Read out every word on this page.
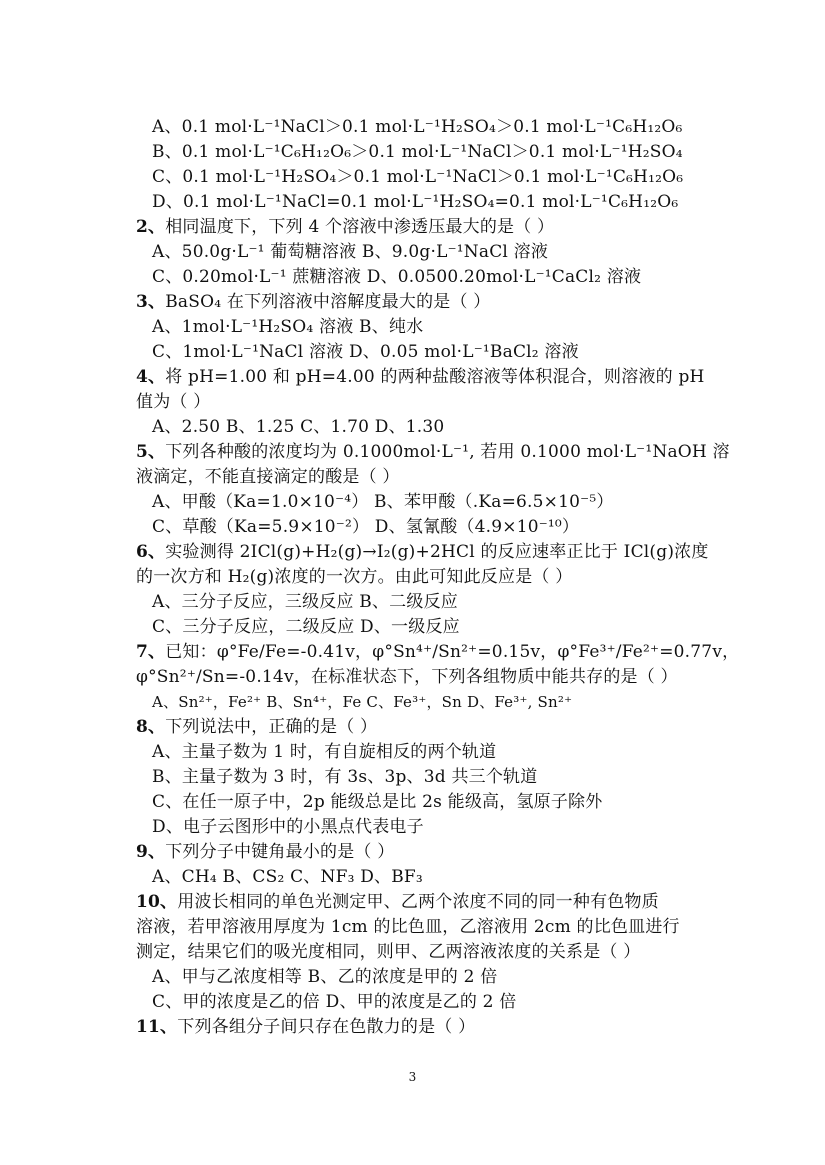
A、0.1 mol·L⁻¹NaCl＞0.1 mol·L⁻¹H₂SO₄＞0.1 mol·L⁻¹C₆H₁₂O₆
B、0.1 mol·L⁻¹C₆H₁₂O₆＞0.1 mol·L⁻¹NaCl＞0.1 mol·L⁻¹H₂SO₄
C、0.1 mol·L⁻¹H₂SO₄＞0.1 mol·L⁻¹NaCl＞0.1 mol·L⁻¹C₆H₁₂O₆
D、0.1 mol·L⁻¹NaCl=0.1 mol·L⁻¹H₂SO₄=0.1 mol·L⁻¹C₆H₁₂O₆
2、相同温度下，下列 4 个溶液中渗透压最大的是（ ）
A、50.0g·L⁻¹ 葡萄糖溶液 B、9.0g·L⁻¹NaCl 溶液
C、0.20mol·L⁻¹ 蔗糖溶液 D、0.0500.20mol·L⁻¹CaCl₂ 溶液
3、BaSO₄ 在下列溶液中溶解度最大的是（ ）
A、1mol·L⁻¹H₂SO₄ 溶液 B、纯水
C、1mol·L⁻¹NaCl 溶液 D、0.05 mol·L⁻¹BaCl₂ 溶液
4、将 pH=1.00 和 pH=4.00 的两种盐酸溶液等体积混合，则溶液的 pH
值为（ ）
A、2.50 B、1.25 C、1.70 D、1.30
5、下列各种酸的浓度均为 0.1000mol·L⁻¹, 若用 0.1000 mol·L⁻¹NaOH 溶
液滴定，不能直接滴定的酸是（ ）
A、甲酸（Ka=1.0×10⁻⁴） B、苯甲酸（.Ka=6.5×10⁻⁵）
C、草酸（Ka=5.9×10⁻²） D、氢氰酸（4.9×10⁻¹⁰）
6、实验测得 2ICl(g)+H₂(g)→I₂(g)+2HCl 的反应速率正比于 ICl(g)浓度
的一次方和 H₂(g)浓度的一次方。由此可知此反应是（ ）
A、三分子反应，三级反应 B、二级反应
C、三分子反应，二级反应 D、一级反应
7、已知：φ°Fe/Fe=-0.41v，φ°Sn⁴⁺/Sn²⁺=0.15v，φ°Fe³⁺/Fe²⁺=0.77v，
φ°Sn²⁺/Sn=-0.14v，在标准状态下，下列各组物质中能共存的是（ ）
A、Sn²⁺，Fe²⁺ B、Sn⁴⁺，Fe C、Fe³⁺，Sn D、Fe³⁺, Sn²⁺
8、下列说法中，正确的是（ ）
A、主量子数为 1 时，有自旋相反的两个轨道
B、主量子数为 3 时，有 3s、3p、3d 共三个轨道
C、在任一原子中，2p 能级总是比 2s 能级高，氢原子除外
D、电子云图形中的小黑点代表电子
9、下列分子中键角最小的是（ ）
A、CH₄ B、CS₂ C、NF₃ D、BF₃
10、用波长相同的单色光测定甲、乙两个浓度不同的同一种有色物质
溶液，若甲溶液用厚度为 1cm 的比色皿，乙溶液用 2cm 的比色皿进行
测定，结果它们的吸光度相同，则甲、乙两溶液浓度的关系是（ ）
A、甲与乙浓度相等 B、乙的浓度是甲的 2 倍
C、甲的浓度是乙的倍 D、甲的浓度是乙的 2 倍
11、下列各组分子间只存在色散力的是（ ）
3
